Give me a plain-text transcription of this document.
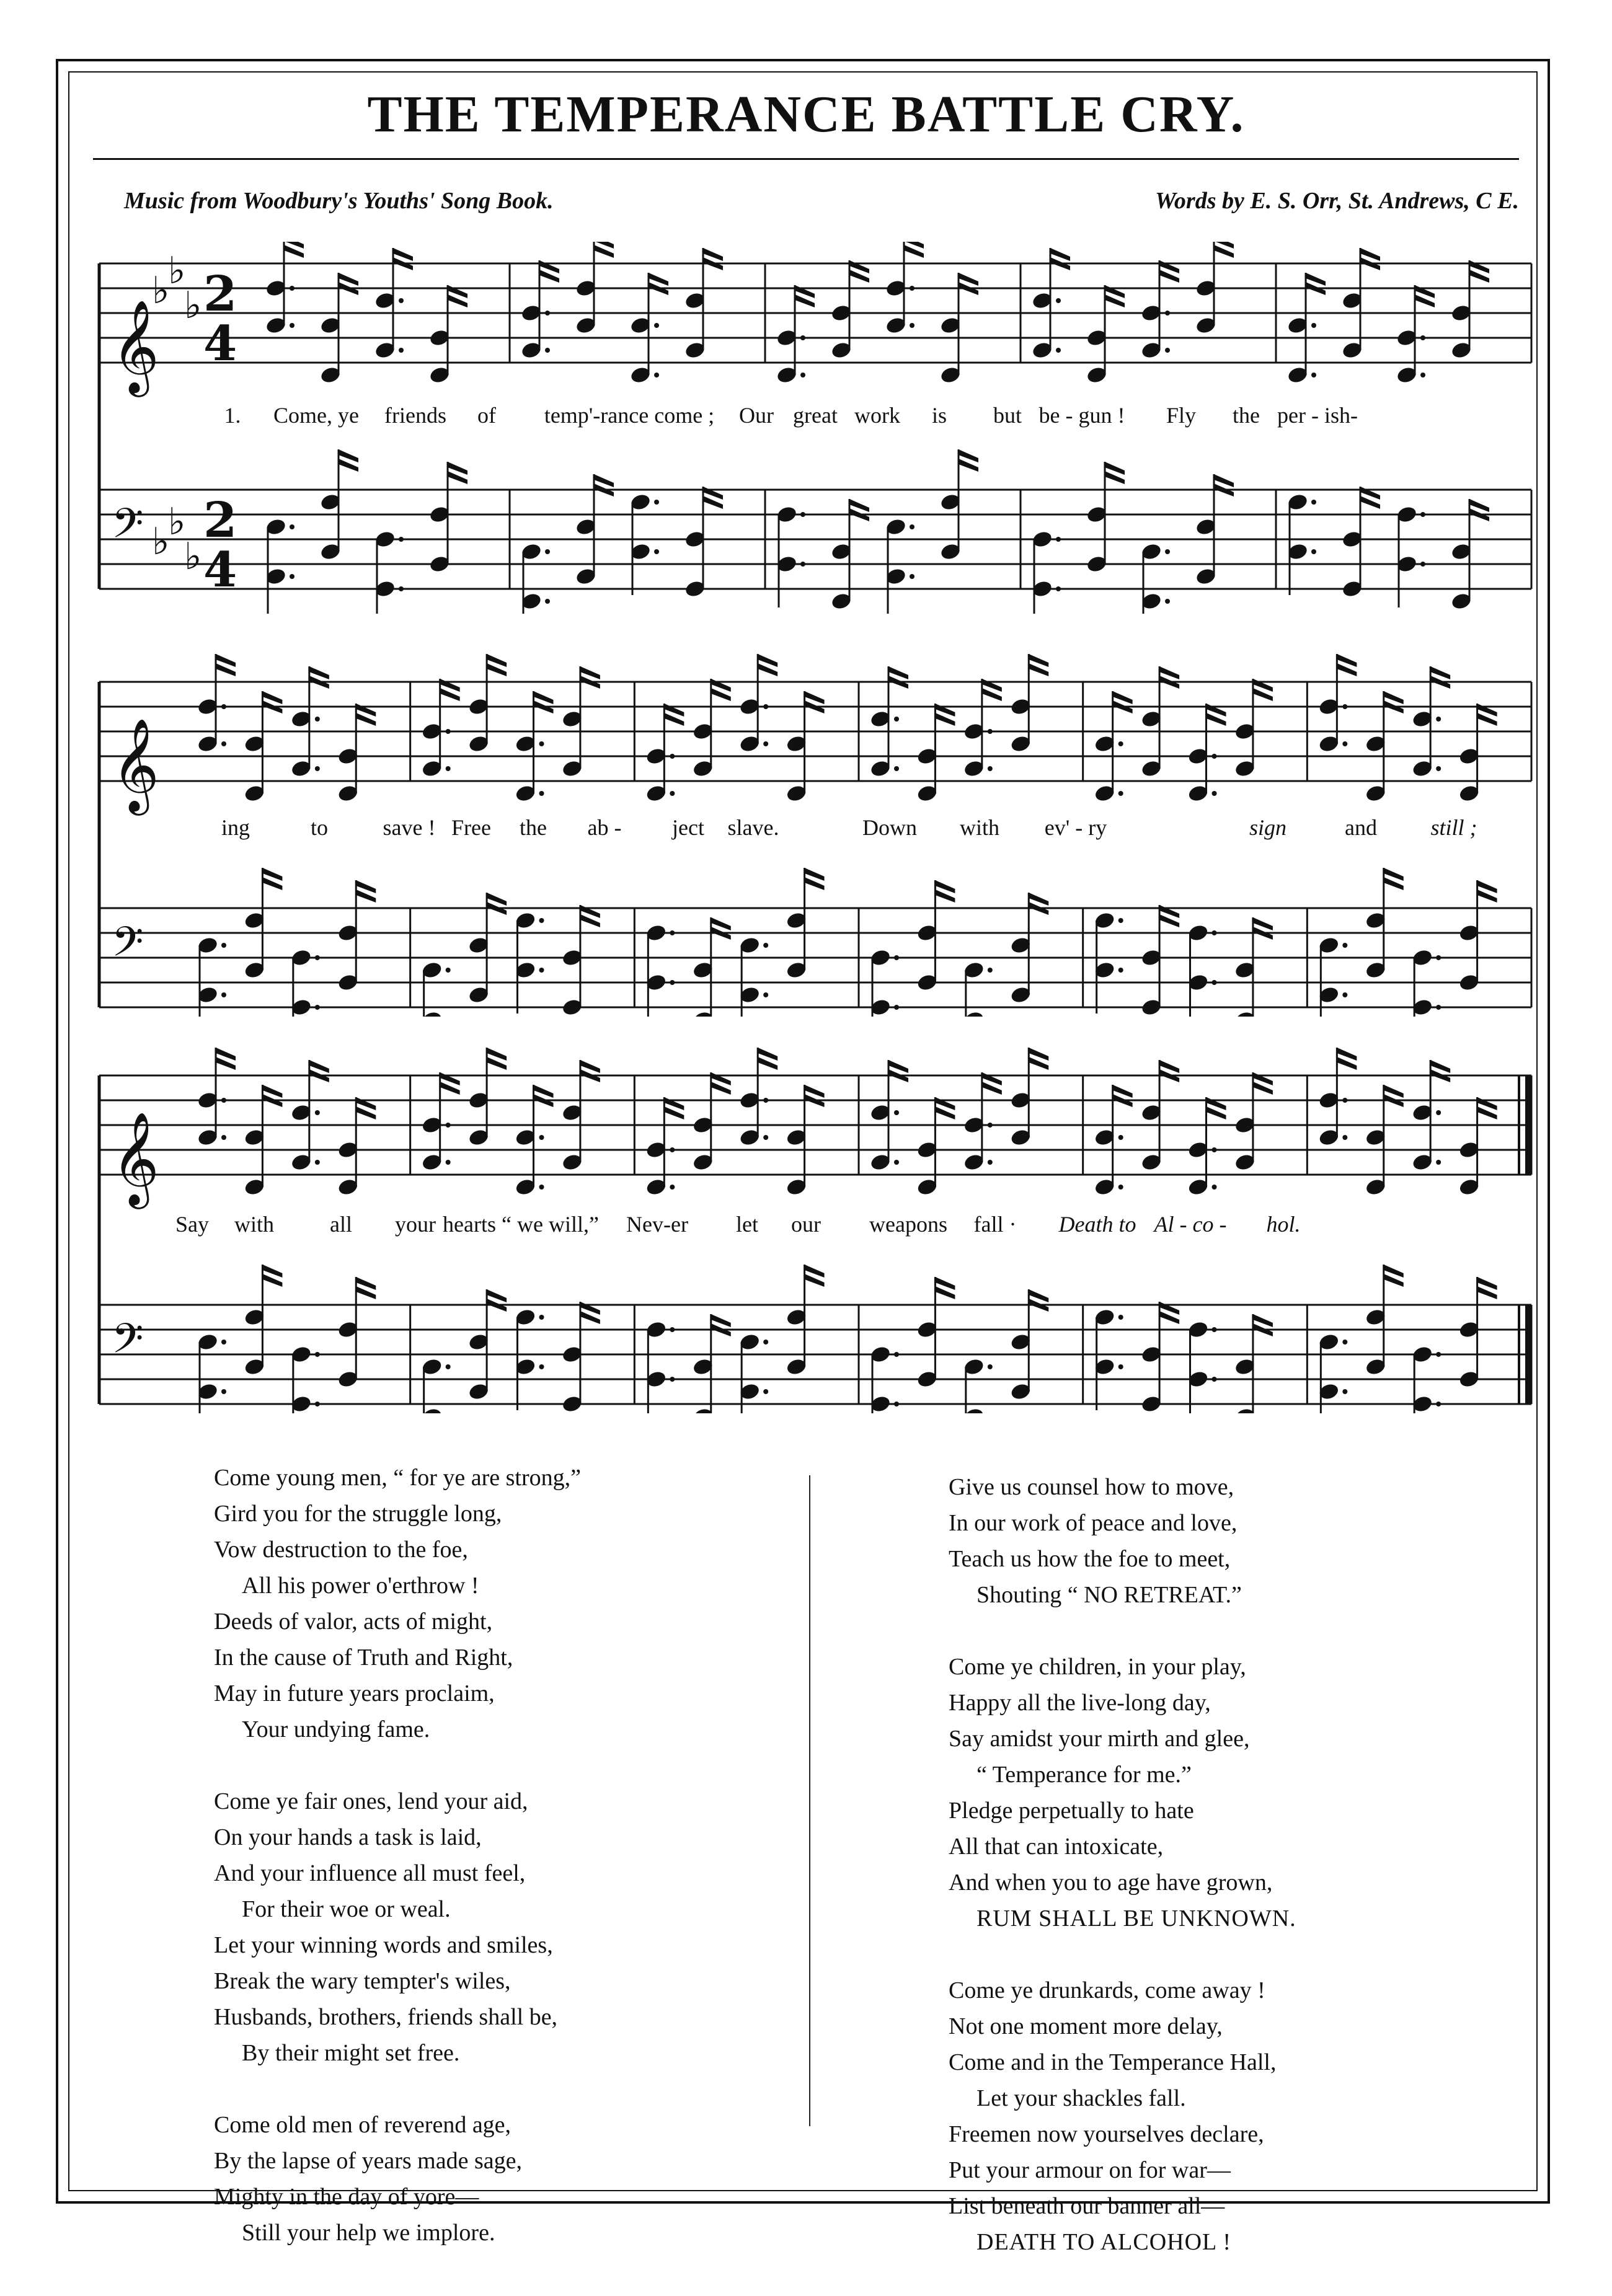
THE TEMPERANCE BATTLE CRY.
Music from Woodbury's Youths' Song Book.	Words by E. S. Orr, St. Andrews, C E.
𝄞
𝄢
♭
♭
♭
♭
♭
♭
2
4
2
4
1. Come, ye friends of temp'-rance come ; Our great work is but be - gun ! Fly the per - ish-
𝄞
𝄢
ing	to save ! Free the ab - ject slave.	Down with ev' - ry	sign	and still ;
𝄞
𝄢
Say with	all your hearts “ we will,” Nev-er let our weapons fall · Death to Al - co - hol.
Come young men, “ for ye are strong,”
Gird you for the struggle long,
Vow destruction to the foe,
All his power o'erthrow !
Deeds of valor, acts of might,
In the cause of Truth and Right,
May in future years proclaim,
Your undying fame.
Come ye fair ones, lend your aid,
On your hands a task is laid,
And your influence all must feel,
For their woe or weal.
Let your winning words and smiles,
Break the wary tempter's wiles,
Husbands, brothers, friends shall be,
By their might set free.
Come old men of reverend age,
By the lapse of years made sage,
Mighty in the day of yore—
Still your help we implore.
Give us counsel how to move,
In our work of peace and love,
Teach us how the foe to meet,
Shouting “ NO RETREAT.”
Come ye children, in your play,
Happy all the live-long day,
Say amidst your mirth and glee,
“ Temperance for me.”
Pledge perpetually to hate
All that can intoxicate,
And when you to age have grown,
RUM SHALL BE UNKNOWN.
Come ye drunkards, come away !
Not one moment more delay,
Come and in the Temperance Hall,
Let your shackles fall.
Freemen now yourselves declare,
Put your armour on for war—
List beneath our banner all—
DEATH TO ALCOHOL !
